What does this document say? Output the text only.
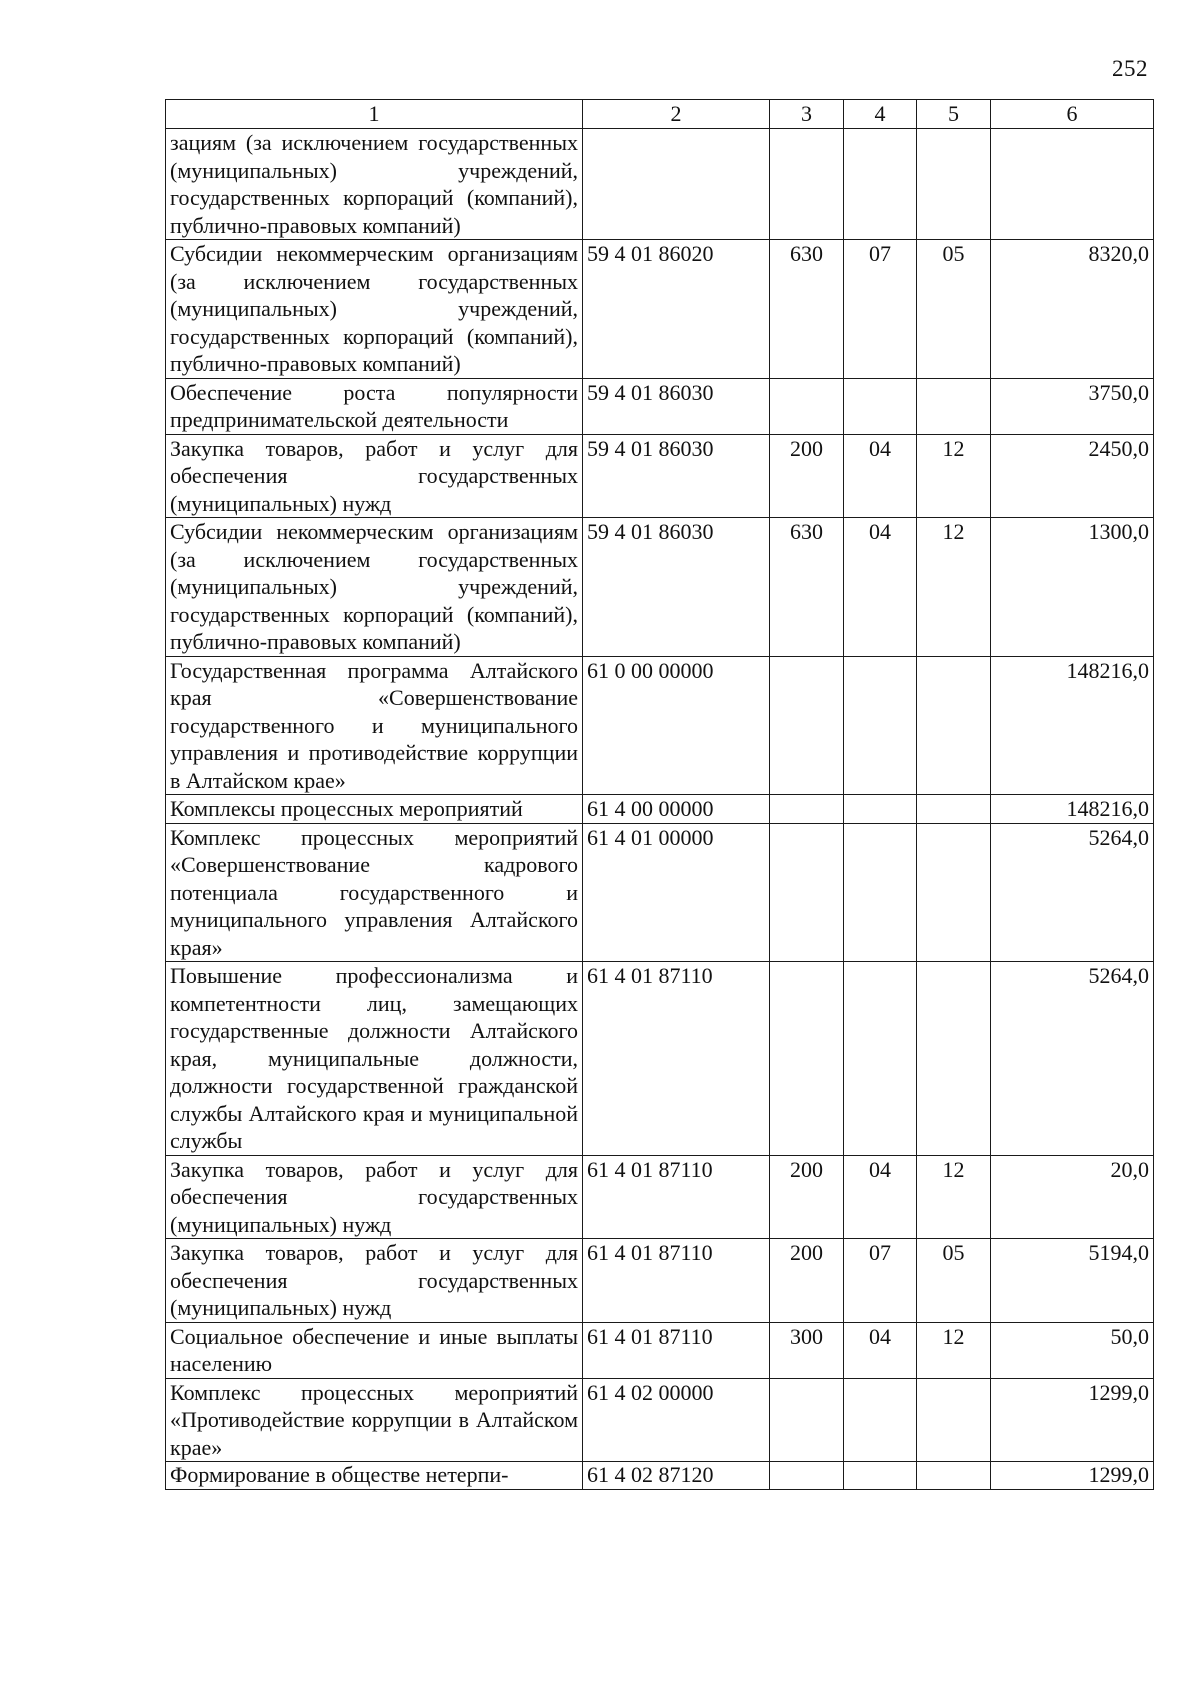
252
1	2	3	4	5	6
зациям (за исключением государственных (муниципальных) учреждений, государственных корпораций (компаний), публично-правовых компаний)					
Субсидии некоммерческим организациям (за исключением государственных (муниципальных) учреждений, государственных корпораций (компаний), публично-правовых компаний)	59 4 01 86020	630	07	05	8320,0
Обеспечение роста популярности предпринимательской деятельности	59 4 01 86030				3750,0
Закупка товаров, работ и услуг для обеспечения государственных (муниципальных) нужд	59 4 01 86030	200	04	12	2450,0
Субсидии некоммерческим организациям (за исключением государственных (муниципальных) учреждений, государственных корпораций (компаний), публично-правовых компаний)	59 4 01 86030	630	04	12	1300,0
Государственная программа Алтайского края «Совершенствование государственного и муниципального управления и противодействие коррупции в Алтайском крае»	61 0 00 00000				148216,0
Комплексы процессных мероприятий	61 4 00 00000				148216,0
Комплекс процессных мероприятий «Совершенствование кадрового потенциала государственного и муниципального управления Алтайского края»	61 4 01 00000				5264,0
Повышение профессионализма и компетентности лиц, замещающих государственные должности Алтайского края, муниципальные должности, должности государственной гражданской службы Алтайского края и муниципальной службы	61 4 01 87110				5264,0
Закупка товаров, работ и услуг для обеспечения государственных (муниципальных) нужд	61 4 01 87110	200	04	12	20,0
Закупка товаров, работ и услуг для обеспечения государственных (муниципальных) нужд	61 4 01 87110	200	07	05	5194,0
Социальное обеспечение и иные выплаты населению	61 4 01 87110	300	04	12	50,0
Комплекс процессных мероприятий «Противодействие коррупции в Алтайском крае»	61 4 02 00000				1299,0
Формирование в обществе нетерпи-	61 4 02 87120				1299,0
